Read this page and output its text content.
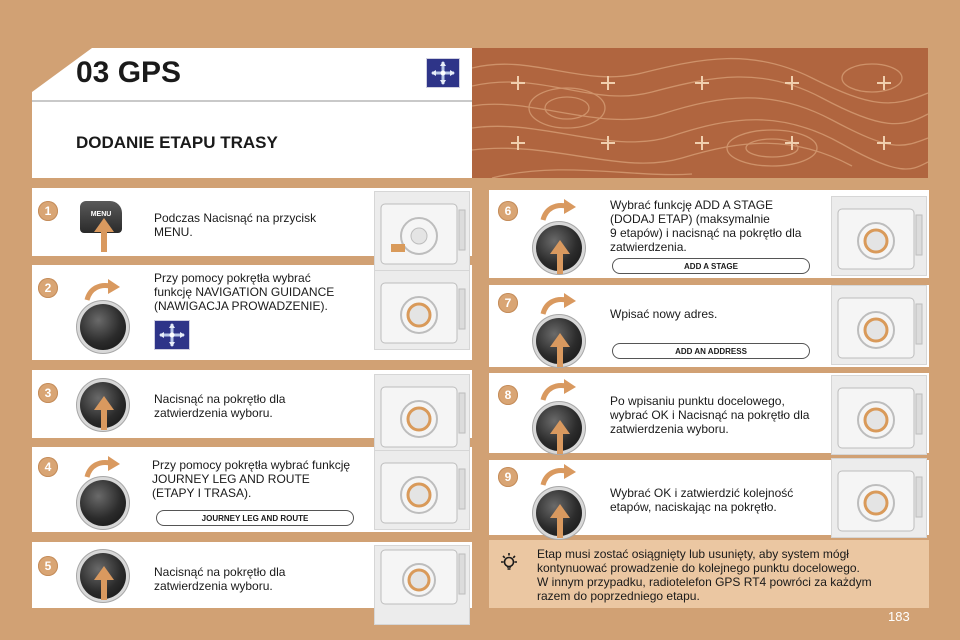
03 GPS
DODANIE ETAPU TRASY
1
2
3
4
5
6
7
8
9
MENU	Podczas Nacisnąć na przycisk
MENU.
Przy pomocy pokrętła wybrać
funkcję NAVIGATION GUIDANCE
(NAWIGACJA PROWADZENIE).
Nacisnąć na pokrętło dla
zatwierdzenia wyboru.
Przy pomocy pokrętła wybrać funkcję
JOURNEY LEG AND ROUTE
(ETAPY I TRASA).
Nacisnąć na pokrętło dla
zatwierdzenia wyboru.
Wybrać funkcję ADD A STAGE
(DODAJ ETAP) (maksymalnie
9 etapów) i nacisnąć na pokrętło dla
zatwierdzenia.
Wpisać nowy adres.
Po wpisaniu punktu docelowego,
wybrać OK i Nacisnąć na pokrętło dla
zatwierdzenia wyboru.
Wybrać OK i zatwierdzić kolejność
etapów, naciskając na pokrętło.
JOURNEY LEG AND ROUTE
ADD A STAGE
ADD AN ADDRESS
Etap musi zostać osiągnięty lub usunięty, aby system mógł
kontynuować prowadzenie do kolejnego punktu docelowego.
W innym przypadku, radiotelefon GPS RT4 powróci za każdym
razem do poprzedniego etapu.
183
